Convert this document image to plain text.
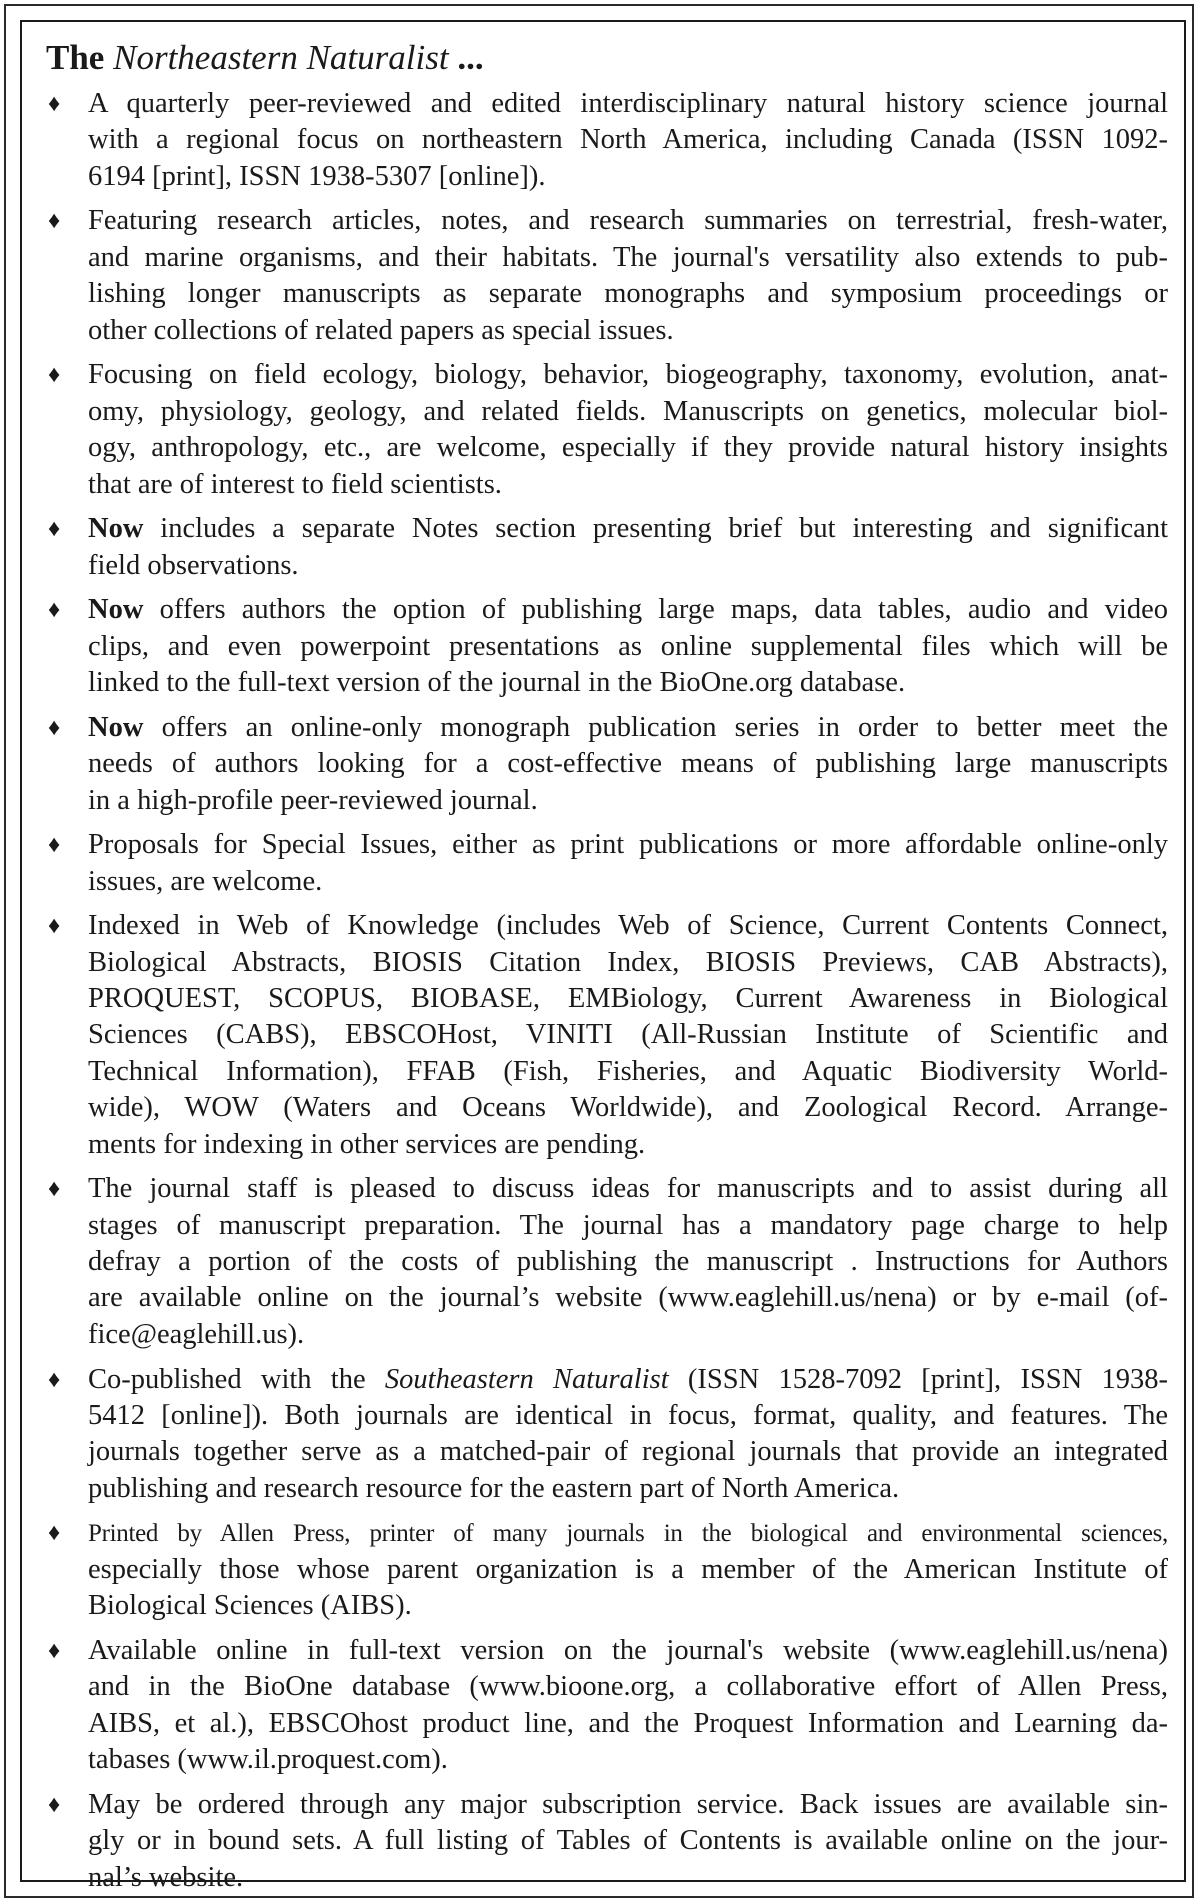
The Northeastern Naturalist ...
♦ A quarterly peer-reviewed and edited interdisciplinary natural history science journal
with a regional focus on northeastern North America, including Canada (ISSN 1092-
6194 [print], ISSN 1938-5307 [online]).
♦ Featuring research articles, notes, and research summaries on terrestrial, fresh-water,
and marine organisms, and their habitats. The journal's versatility also extends to pub-
lishing longer manuscripts as separate monographs and symposium proceedings or
other collections of related papers as special issues.
♦ Focusing on field ecology, biology, behavior, biogeography, taxonomy, evolution, anat-
omy, physiology, geology, and related fields. Manuscripts on genetics, molecular biol-
ogy, anthropology, etc., are welcome, especially if they provide natural history insights
that are of interest to field scientists.
♦ Now includes a separate Notes section presenting brief but interesting and significant
field observations.
♦ Now offers authors the option of publishing large maps, data tables, audio and video
clips, and even powerpoint presentations as online supplemental files which will be
linked to the full-text version of the journal in the BioOne.org database.
♦ Now offers an online-only monograph publication series in order to better meet the
needs of authors looking for a cost-effective means of publishing large manuscripts
in a high-profile peer-reviewed journal.
♦ Proposals for Special Issues, either as print publications or more affordable online-only
issues, are welcome.
♦ Indexed in Web of Knowledge (includes Web of Science, Current Contents Connect,
Biological Abstracts, BIOSIS Citation Index, BIOSIS Previews, CAB Abstracts),
PROQUEST, SCOPUS, BIOBASE, EMBiology, Current Awareness in Biological
Sciences (CABS), EBSCOHost, VINITI (All-Russian Institute of Scientific and
Technical Information), FFAB (Fish, Fisheries, and Aquatic Biodiversity World-
wide), WOW (Waters and Oceans Worldwide), and Zoological Record. Arrange-
ments for indexing in other services are pending.
♦ The journal staff is pleased to discuss ideas for manuscripts and to assist during all
stages of manuscript preparation. The journal has a mandatory page charge to help
defray a portion of the costs of publishing the manuscript . Instructions for Authors
are available online on the journal’s website (www.eaglehill.us/nena) or by e-mail (of-
fice@eaglehill.us).
♦ Co-published with the Southeastern Naturalist (ISSN 1528-7092 [print], ISSN 1938-
5412 [online]). Both journals are identical in focus, format, quality, and features. The
journals together serve as a matched-pair of regional journals that provide an integrated
publishing and research resource for the eastern part of North America.
♦ Printed by Allen Press, printer of many journals in the biological and environmental sciences,
especially those whose parent organization is a member of the American Institute of
Biological Sciences (AIBS).
♦ Available online in full-text version on the journal's website (www.eaglehill.us/nena)
and in the BioOne database (www.bioone.org, a collaborative effort of Allen Press,
AIBS, et al.), EBSCOhost product line, and the Proquest Information and Learning da-
tabases (www.il.proquest.com).
♦ May be ordered through any major subscription service. Back issues are available sin-
gly or in bound sets. A full listing of Tables of Contents is available online on the jour-
nal’s website.
